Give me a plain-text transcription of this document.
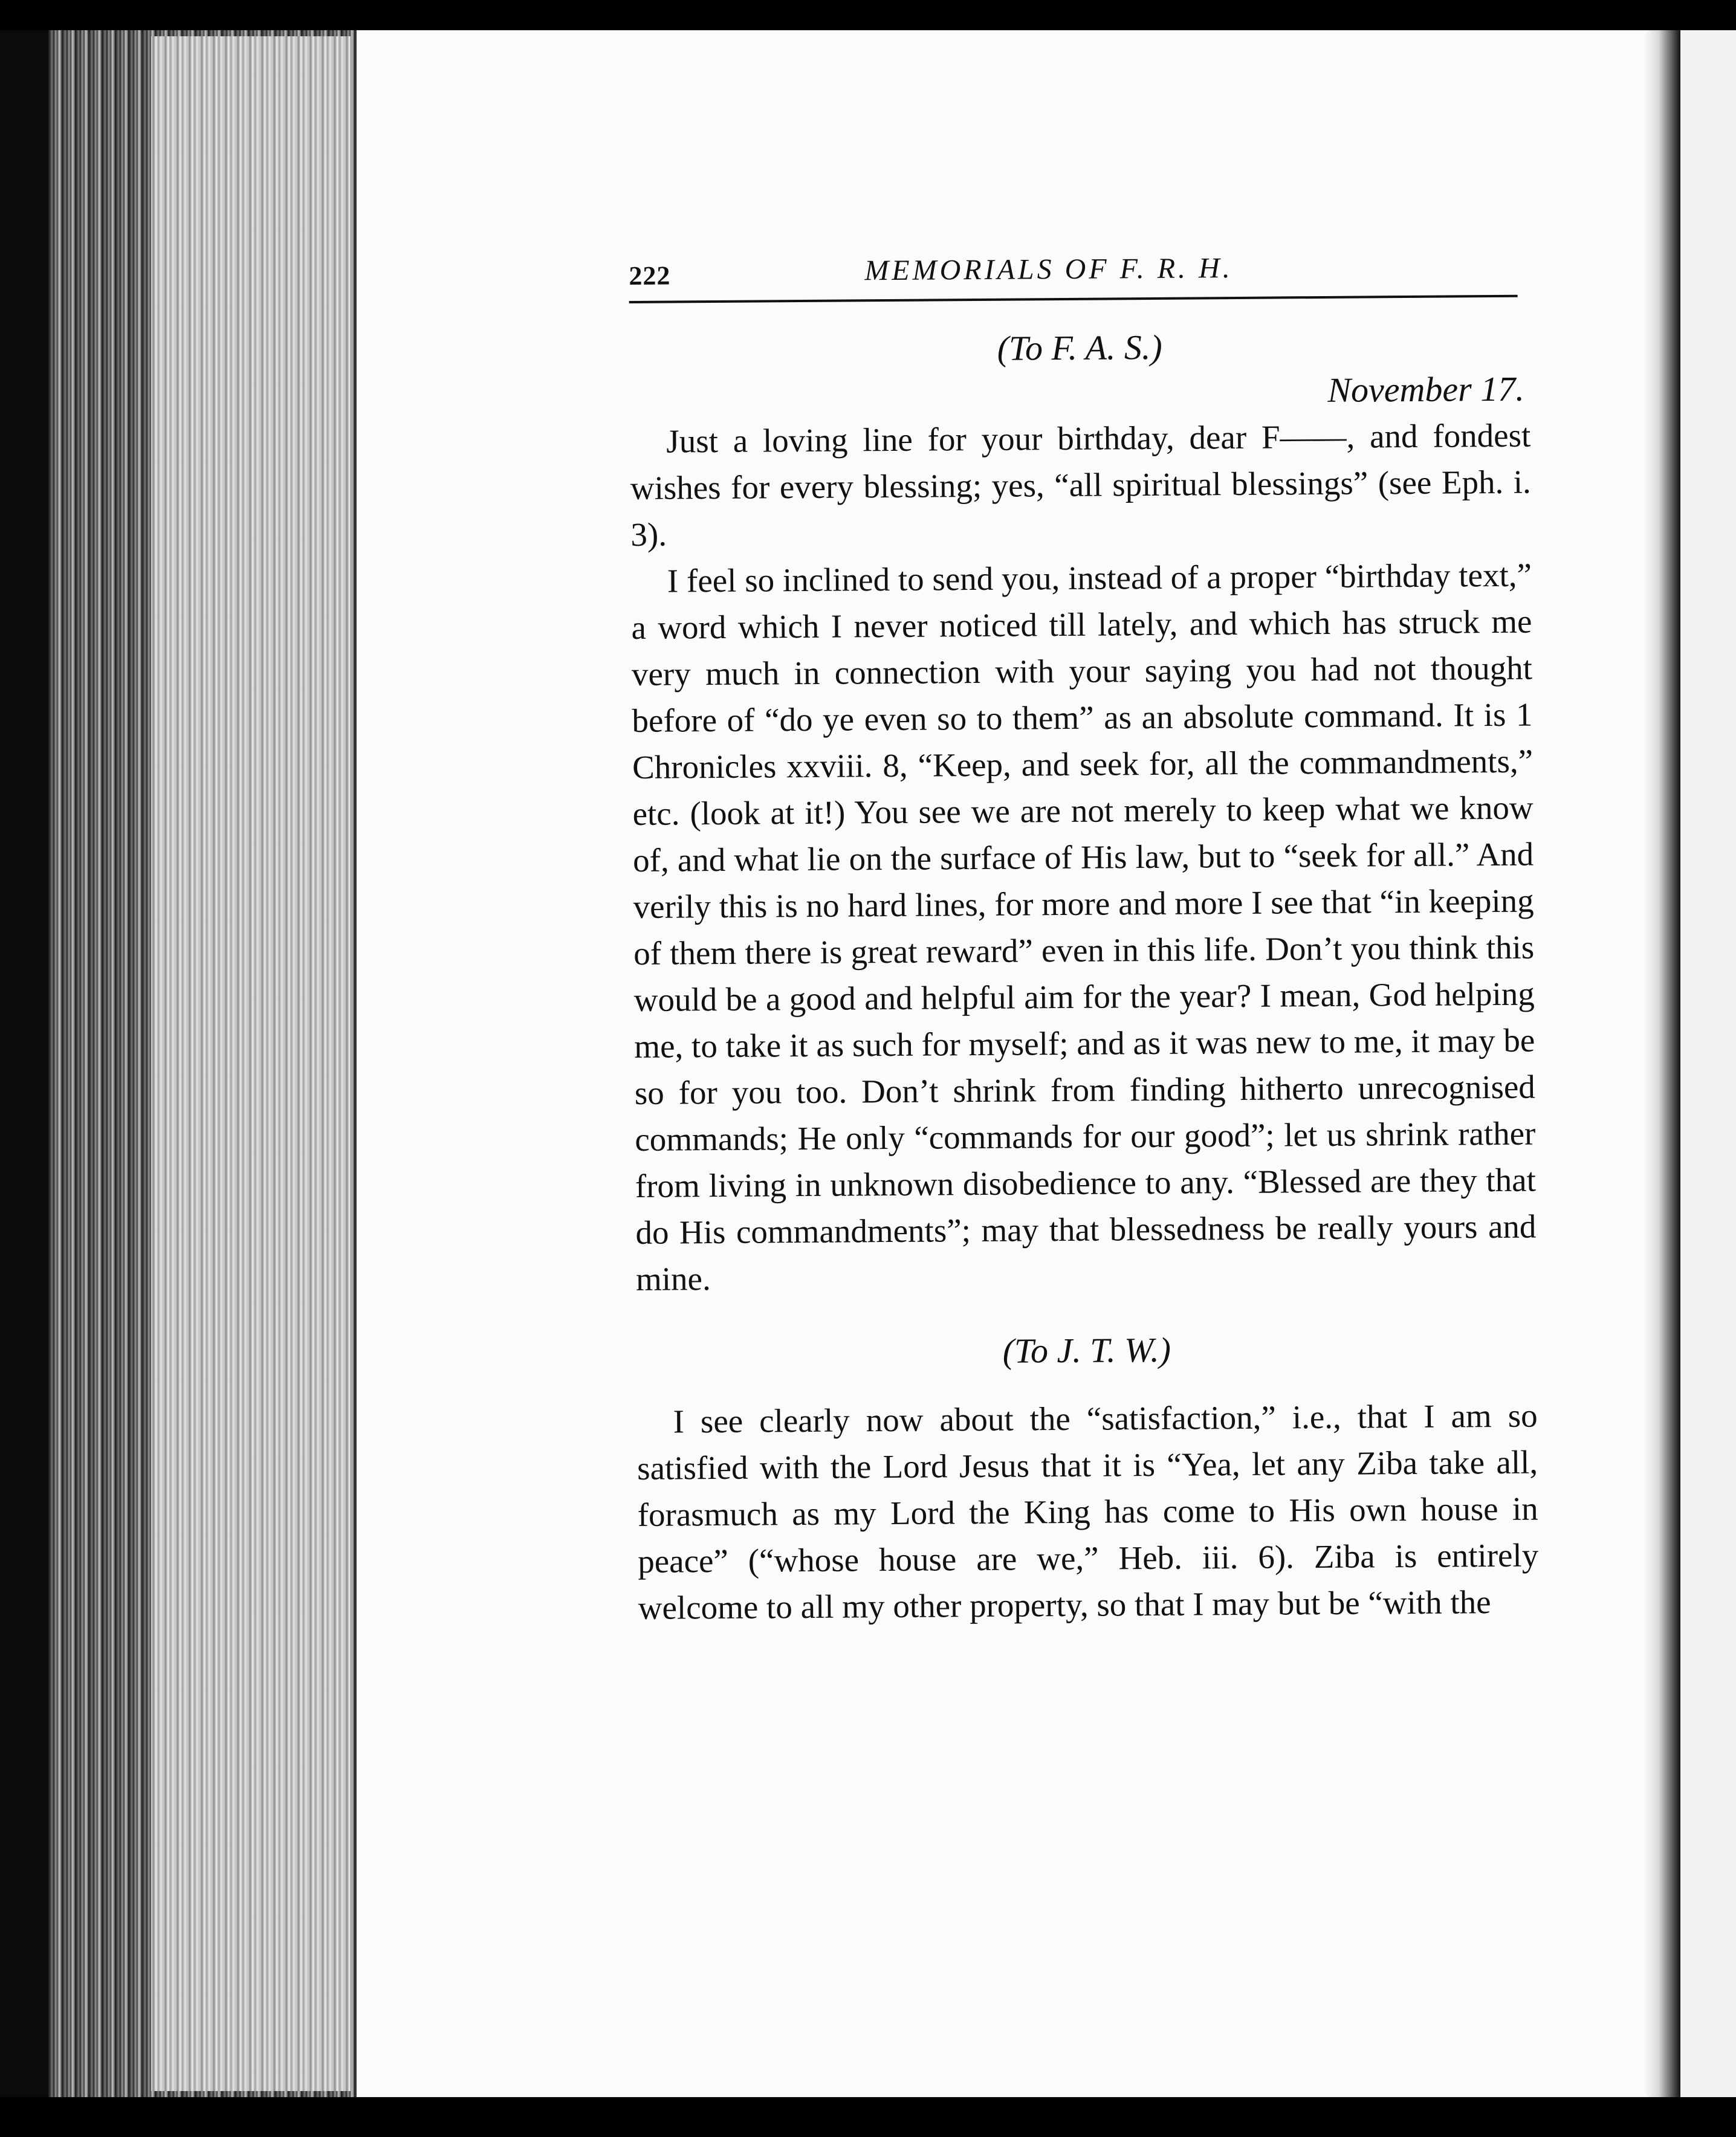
222	MEMORIALS OF F. R. H.
(To F. A. S.)
November 17.

Just a loving line for your birthday, dear F——, and fondest wishes for every blessing; yes, “all spiritual blessings” (see Eph. i. 3).

I feel so inclined to send you, instead of a proper “birthday text,” a word which I never noticed till lately, and which has struck me very much in connection with your saying you had not thought before of “do ye even so to them” as an absolute command. It is 1 Chronicles xxviii. 8, “Keep, and seek for, all the commandments,” etc. (look at it!) You see we are not merely to keep what we know of, and what lie on the surface of His law, but to “seek for all.” And verily this is no hard lines, for more and more I see that “in keeping of them there is great reward” even in this life. Don’t you think this would be a good and helpful aim for the year? I mean, God helping me, to take it as such for myself; and as it was new to me, it may be so for you too. Don’t shrink from finding hitherto unrecognised commands; He only “commands for our good”; let us shrink rather from living in unknown disobedience to any. “Blessed are they that do His commandments”; may that blessedness be really yours and mine.

(To J. T. W.)

I see clearly now about the “satisfaction,” i.e., that I am so satisfied with the Lord Jesus that it is “Yea, let any Ziba take all, forasmuch as my Lord the King has come to His own house in peace” (“whose house are we,” Heb. iii. 6). Ziba is entirely welcome to all my other property, so that I may but be “with the
